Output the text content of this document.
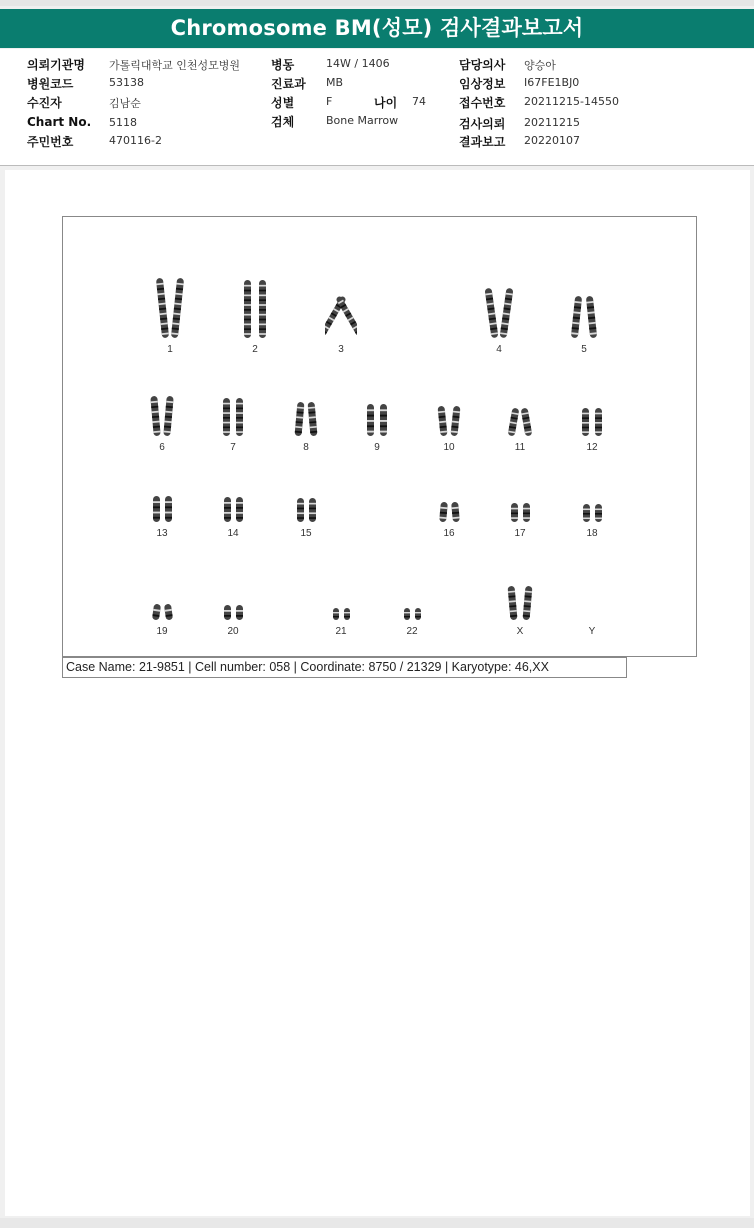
Chromosome BM(성모) 검사결과보고서
의뢰기관명 가톨릭대학교 인천성모병원
병원코드	53138
수진자	김남순
Chart No. 5118
주민번호	470116-2
병동	14W / 1406
진료과 MB
성별	F	나이 74
검체	Bone Marrow
담당의사 양승아
임상정보 I67FE1BJ0
접수번호 20211215-14550
검사의뢰 20211215
결과보고 20220107
1	2	3	4	5
6	7	8	9	10	11	12
13	14	15	16	17	18
19	20	21	22	X	Y
Case Name: 21-9851 | Cell number: 058 | Coordinate: 8750 / 21329 | Karyotype: 46,XX
